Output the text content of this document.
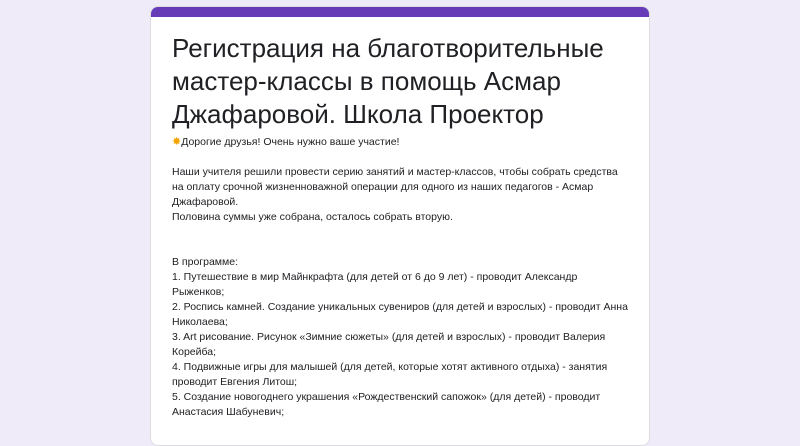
Регистрация на благотворительные мастер-классы в помощь Асмар Джафаровой. Школа Проектор

✸Дорогие друзья! Очень нужно ваше участие!

Наши учителя решили провести серию занятий и мастер-классов, чтобы собрать средства на оплату срочной жизненноважной операции для одного из наших педагогов - Асмар Джафаровой.

Половина суммы уже собрана, осталось собрать вторую.

В программе:

1. Путешествие в мир Майнкрафта (для детей от 6 до 9 лет) - проводит Александр Рыженков;

2. Роспись камней. Создание уникальных сувениров (для детей и взрослых) - проводит Анна Николаева;

3. Art рисование. Рисунок «Зимние сюжеты» (для детей и взрослых) - проводит Валерия Корейба;

4. Подвижные игры для малышей (для детей, которые хотят активного отдыха) - занятия проводит Евгения Литош;

5. Создание новогоднего украшения «Рождественский сапожок» (для детей) - проводит Анастасия Шабуневич;
